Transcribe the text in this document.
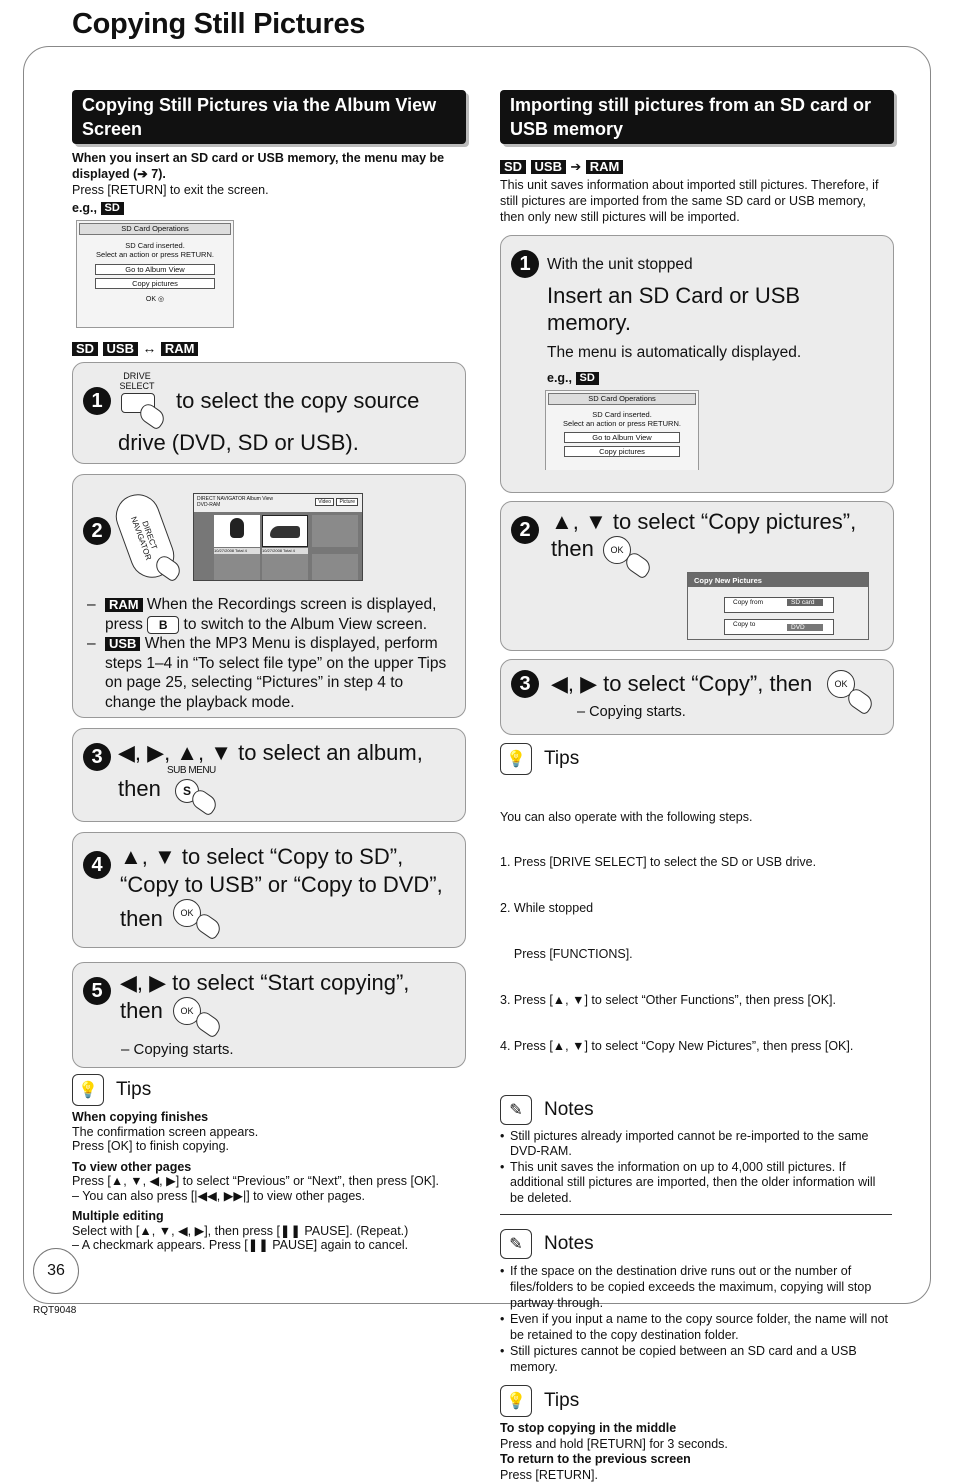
Copying Still Pictures
Copying Still Pictures via the Album View Screen
When you insert an SD card or USB memory, the menu may be displayed (➔ 7).
Press [RETURN] to exit the screen.
e.g., SD
SD Card Operations
SD Card inserted.
Select an action or press RETURN.
Go to Album View
Copy pictures
OK ◎
SD USB ↔ RAM
1
DRIVE SELECT
to select the copy source
drive (DVD, SD or USB).
2	DIRECT NAVIGATOR
DIRECT NAVIGATOR Album View
DVD-RAM	Video	Picture
10/27/2008 Total 4	10/27/2008 Total 4
– RAM When the Recordings screen is displayed, press B to switch to the Album View screen.
– USB When the MP3 Menu is displayed, perform steps 1–4 in “To select file type” on the upper Tips on page 25, selecting “Pictures” in step 4 to change the playback mode.
3 ◀, ▶, ▲, ▼ to select an album,
then
SUB MENU
S
4 ▲, ▼ to select “Copy to SD”, “Copy to USB” or “Copy to DVD”,
then	OK
5 ◀, ▶ to select “Start copying”,
then	OK
– Copying starts.
💡 Tips
When copying finishes
The confirmation screen appears.
Press [OK] to finish copying.
To view other pages
Press [▲, ▼, ◀, ▶] to select “Previous” or “Next”, then press [OK].
– You can also press [|◀◀, ▶▶|] to view other pages.
Multiple editing
Select with [▲, ▼, ◀, ▶], then press [❚❚ PAUSE]. (Repeat.)
– A checkmark appears. Press [❚❚ PAUSE] again to cancel.
Importing still pictures from an SD card or USB memory
SD USB ➔ RAM
This unit saves information about imported still pictures. Therefore, if still pictures are imported from the same SD card or USB memory, then only new still pictures will be imported.
1	With the unit stopped
Insert an SD Card or USB memory.
The menu is automatically displayed.
e.g., SD
SD Card Operations
SD Card inserted.
Select an action or press RETURN.
Go to Album View
Copy pictures
2 ▲, ▼ to select “Copy pictures”,
then	OK
Copy New Pictures
Copy from	SD card
Copy to	DVD
3 ◀, ▶ to select “Copy”, then	OK
– Copying starts.
💡 Tips

You can also operate with the following steps.

1. Press [DRIVE SELECT] to select the SD or USB drive.

2. While stopped

Press [FUNCTIONS].

3. Press [▲, ▼] to select “Other Functions”, then press [OK].

4. Press [▲, ▼] to select “Copy New Pictures”, then press [OK].

✎	Notes
• Still pictures already imported cannot be re-imported to the same DVD-RAM.
• This unit saves the information on up to 4,000 still pictures. If additional still pictures are imported, then the older information will be deleted.
✎	Notes
• If the space on the destination drive runs out or the number of files/folders to be copied exceeds the maximum, copying will stop partway through.
• Even if you input a name to the copy source folder, the name will not be retained to the copy destination folder.
• Still pictures cannot be copied between an SD card and a USB memory.
💡 Tips
To stop copying in the middle
Press and hold [RETURN] for 3 seconds.
To return to the previous screen
Press [RETURN].
36
RQT9048
